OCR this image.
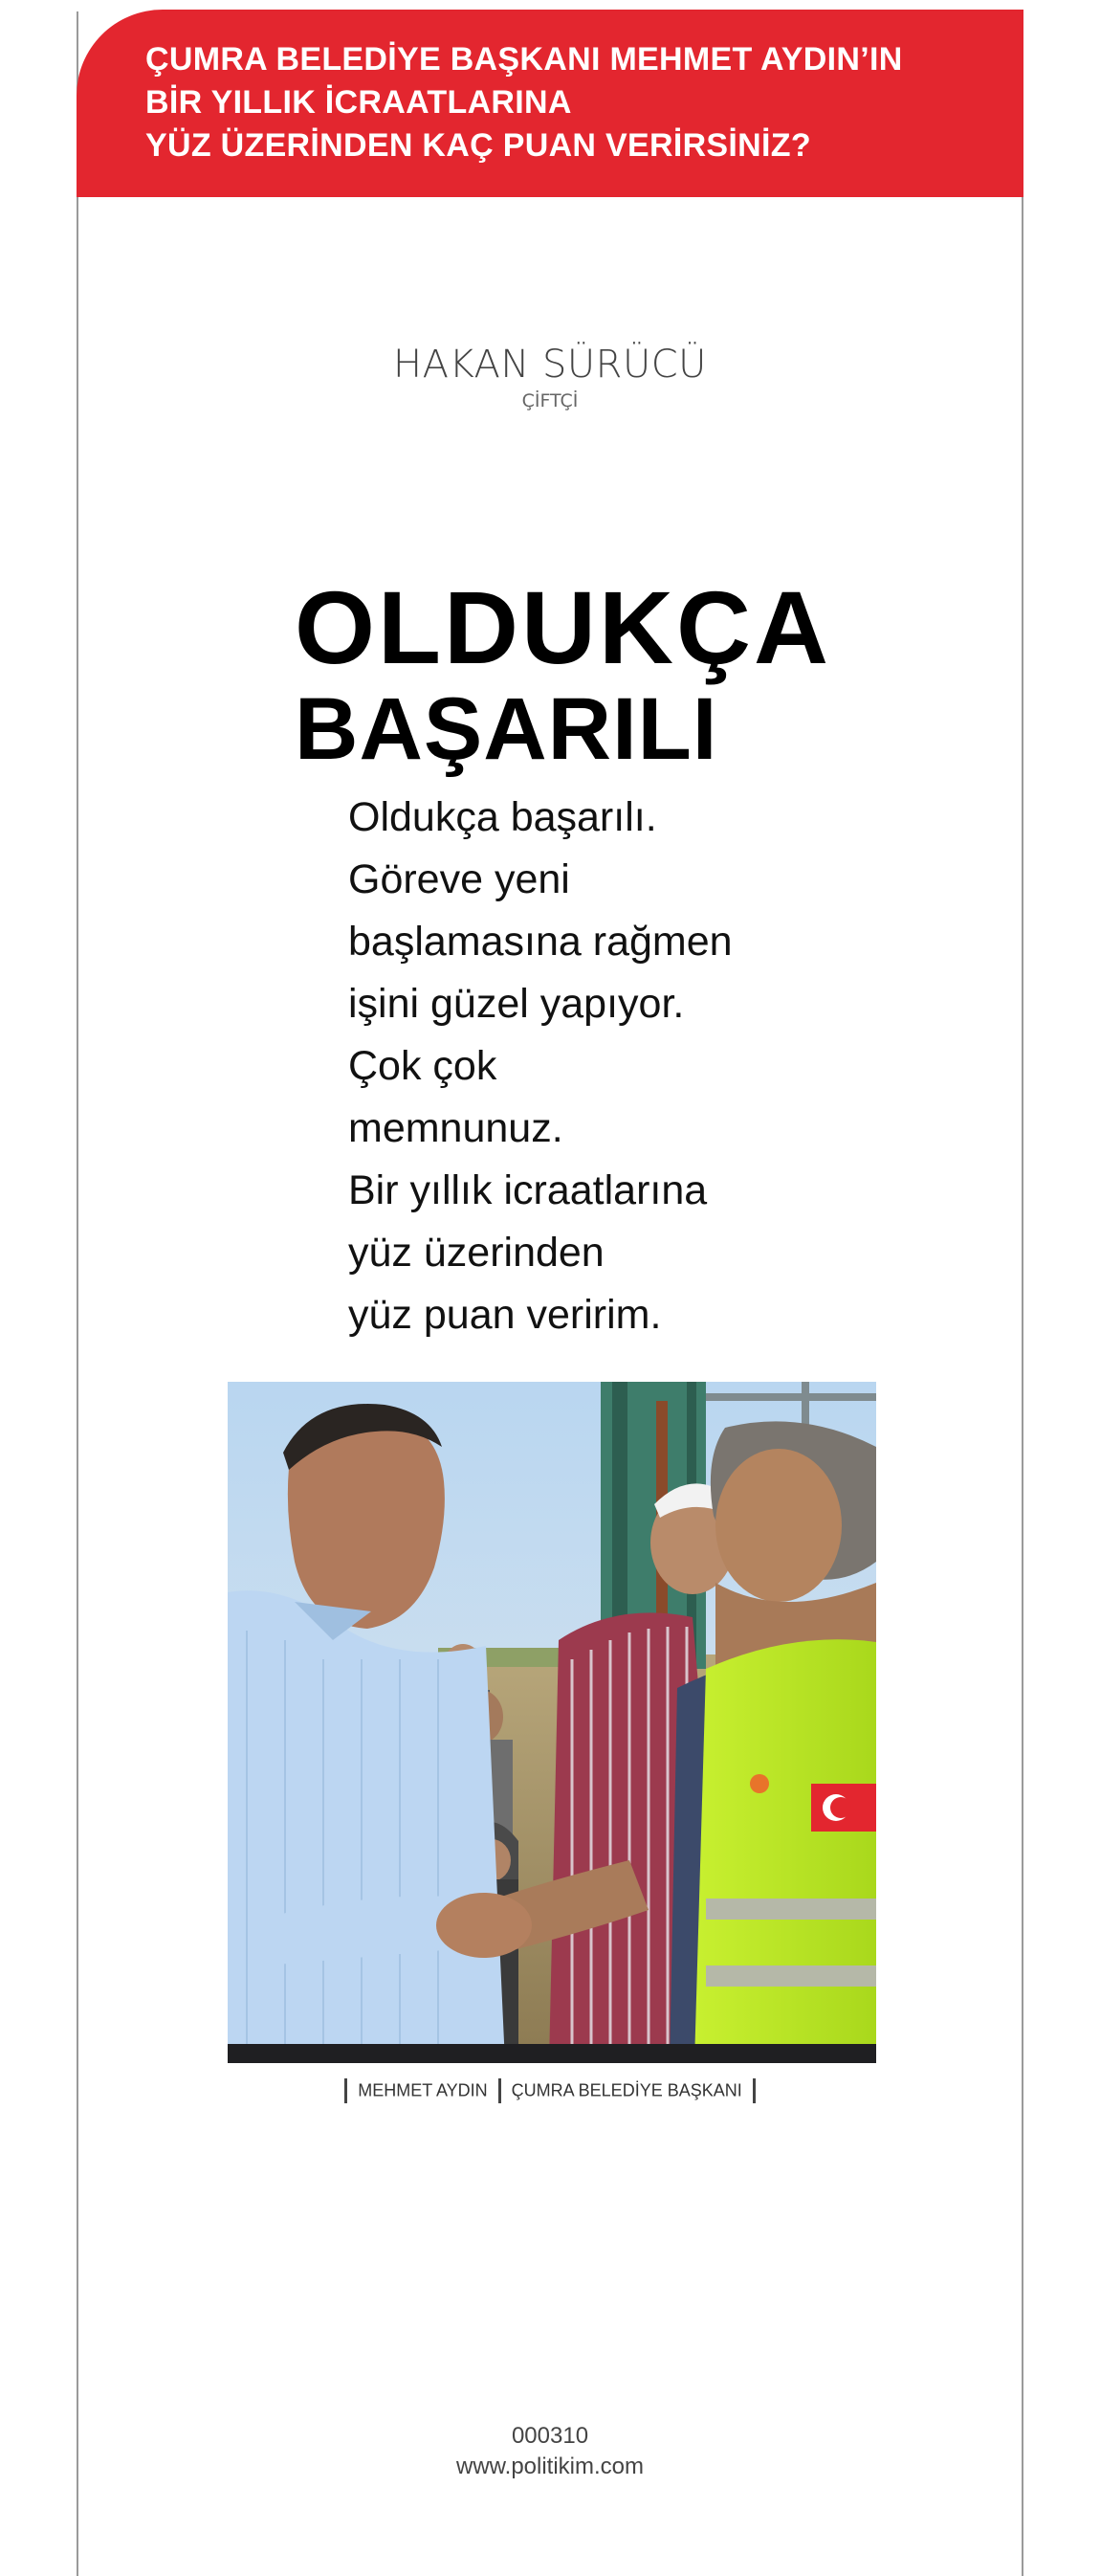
ÇUMRA BELEDİYE BAŞKANI MEHMET AYDIN’IN
BİR YILLIK İCRAATLARINA
YÜZ ÜZERİNDEN KAÇ PUAN VERİRSİNİZ?
HAKAN SÜRÜCÜ
ÇİFTÇİ
OLDUKÇA
BAŞARILI
Oldukça başarılı.
Göreve yeni
başlamasına rağmen
işini güzel yapıyor.
Çok çok
memnunuz.
Bir yıllık icraatlarına
yüz üzerinden
yüz puan veririm.
MEHMET AYDIN ÇUMRA BELEDİYE BAŞKANI
000310
www.politikim.com
